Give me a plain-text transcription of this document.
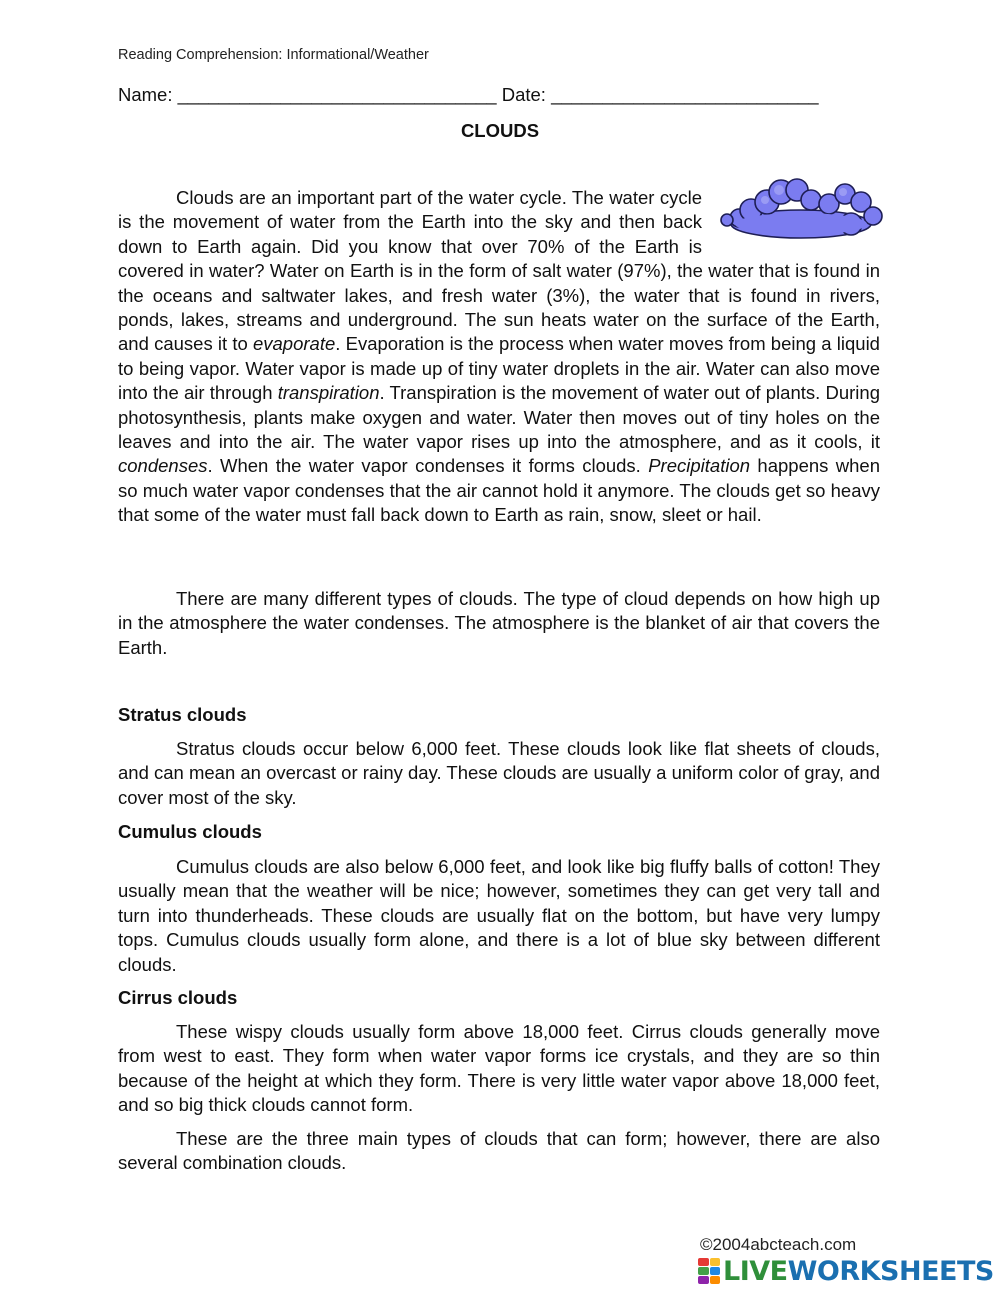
Reading Comprehension: Informational/Weather
Name: _______________________________ Date: __________________________
CLOUDS

Clouds are an important part of the water cycle. The water cycle is the movement of water from the Earth into the sky and then back down to Earth again. Did you know that over 70% of the Earth is covered in water? Water on Earth is in the form of salt water (97%), the water that is found in the oceans and saltwater lakes, and fresh water (3%), the water that is found in rivers, ponds, lakes, streams and underground. The sun heats water on the surface of the Earth, and causes it to evaporate. Evaporation is the process when water moves from being a liquid to being vapor. Water vapor is made up of tiny water droplets in the air. Water can also move into the air through transpiration. Transpiration is the movement of water out of plants. During photosynthesis, plants make oxygen and water. Water then moves out of tiny holes on the leaves and into the air. The water vapor rises up into the atmosphere, and as it cools, it condenses. When the water vapor condenses it forms clouds. Precipitation happens when so much water vapor condenses that the air cannot hold it anymore. The clouds get so heavy that some of the water must fall back down to Earth as rain, snow, sleet or hail.

There are many different types of clouds. The type of cloud depends on how high up in the atmosphere the water condenses. The atmosphere is the blanket of air that covers the Earth.

Stratus clouds

Stratus clouds occur below 6,000 feet. These clouds look like flat sheets of clouds, and can mean an overcast or rainy day. These clouds are usually a uniform color of gray, and cover most of the sky.

Cumulus clouds

Cumulus clouds are also below 6,000 feet, and look like big fluffy balls of cotton! They usually mean that the weather will be nice; however, sometimes they can get very tall and turn into thunderheads. These clouds are usually flat on the bottom, but have very lumpy tops. Cumulus clouds usually form alone, and there is a lot of blue sky between different clouds.

Cirrus clouds

These wispy clouds usually form above 18,000 feet. Cirrus clouds generally move from west to east. They form when water vapor forms ice crystals, and they are so thin because of the height at which they form. There is very little water vapor above 18,000 feet, and so big thick clouds cannot form.

These are the three main types of clouds that can form; however, there are also several combination clouds.

©2004abcteach.com
LIVEWORKSHEETS
